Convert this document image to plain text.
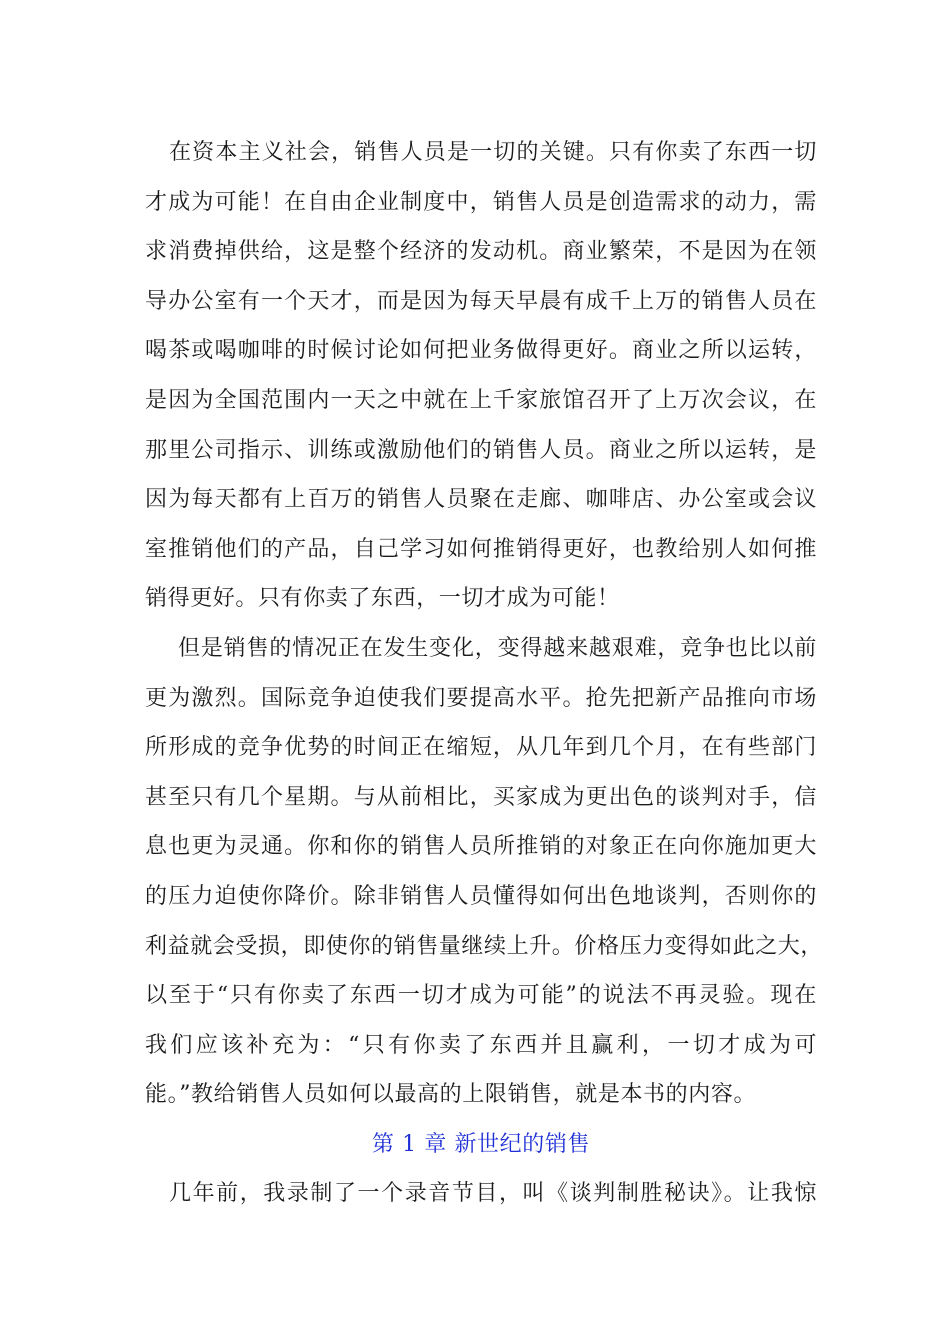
在资本主义社会，销售人员是一切的关键。只有你卖了东西一切
才成为可能！在自由企业制度中，销售人员是创造需求的动力，需
求消费掉供给，这是整个经济的发动机。商业繁荣，不是因为在领
导办公室有一个天才，而是因为每天早晨有成千上万的销售人员在
喝茶或喝咖啡的时候讨论如何把业务做得更好。商业之所以运转，
是因为全国范围内一天之中就在上千家旅馆召开了上万次会议，在
那里公司指示、训练或激励他们的销售人员。商业之所以运转，是
因为每天都有上百万的销售人员聚在走廊、咖啡店、办公室或会议
室推销他们的产品，自己学习如何推销得更好，也教给别人如何推
销得更好。只有你卖了东西，一切才成为可能！
但是销售的情况正在发生变化，变得越来越艰难，竞争也比以前
更为激烈。国际竞争迫使我们要提高水平。抢先把新产品推向市场
所形成的竞争优势的时间正在缩短，从几年到几个月，在有些部门
甚至只有几个星期。与从前相比，买家成为更出色的谈判对手，信
息也更为灵通。你和你的销售人员所推销的对象正在向你施加更大
的压力迫使你降价。除非销售人员懂得如何出色地谈判，否则你的
利益就会受损，即使你的销售量继续上升。价格压力变得如此之大，
以至于“只有你卖了东西一切才成为可能”的说法不再灵验。现在
我们应该补充为：“只有你卖了东西并且赢利，一切才成为可
能。”教给销售人员如何以最高的上限销售，就是本书的内容。
第 1 章 新世纪的销售
几年前，我录制了一个录音节目，叫《谈判制胜秘诀》。让我惊
